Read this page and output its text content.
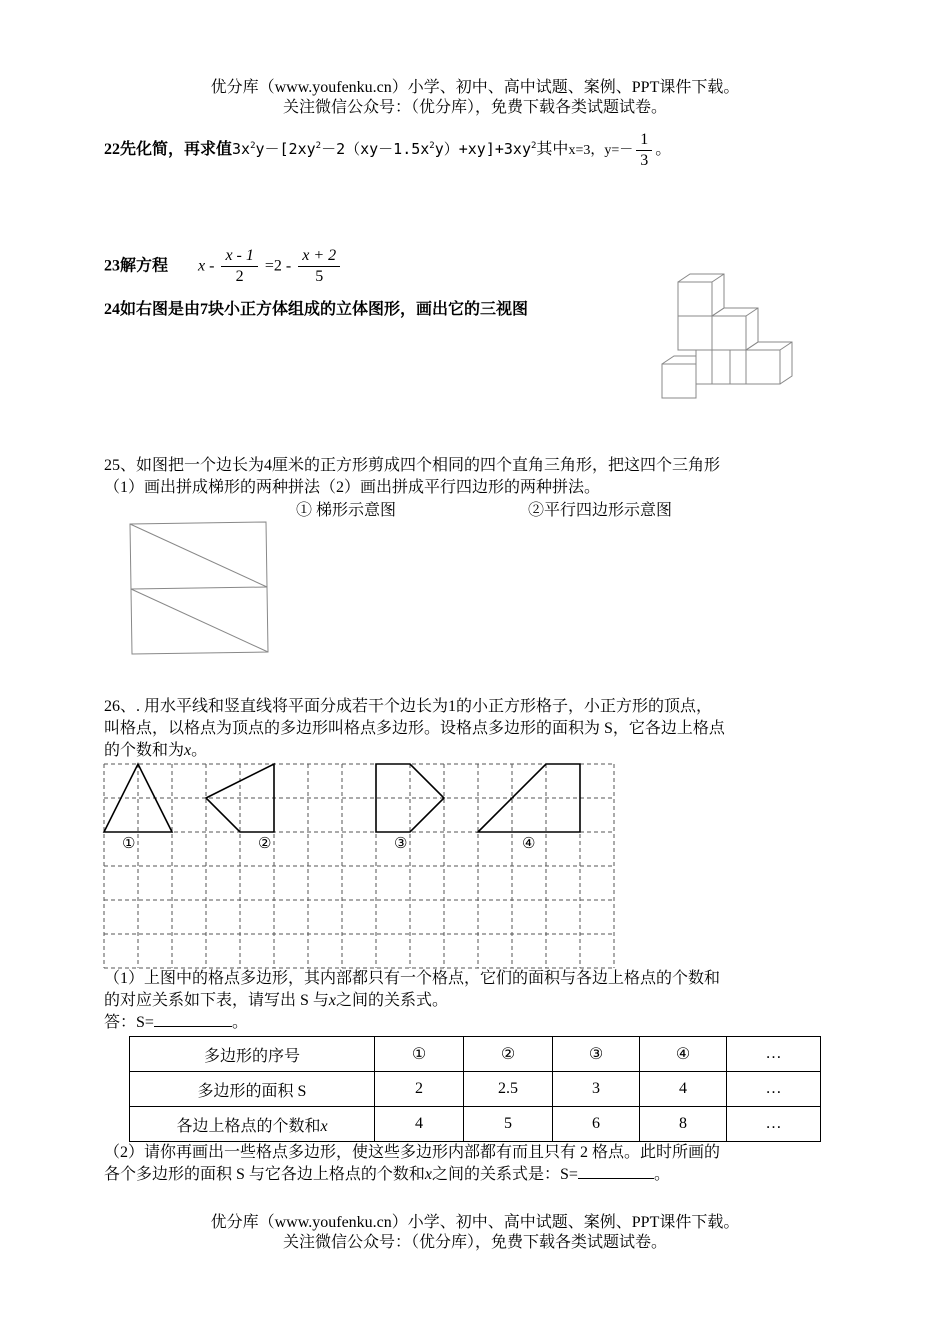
优分库（www.youfenku.cn）小学、初中、高中试题、案例、PPT课件下载。
关注微信公众号：（优分库），免费下载各类试题试卷。
22先化简，再求值$3x^2y-[2xy^2-2(xy-1.5x^2y)+xy]+3xy^2$其中x=3，$y=- \frac{1}{3}$ 。
23解方程 $x - \frac{x - 1}{2} =2 - \frac{x + 2}{5}$
24如右图是由7块小正方体组成的立体图形，画出它的三视图
25、如图把一个边长为4厘米的正方形剪成四个相同的四个直角三角形，把这四个三角形
（1）画出拼成梯形的两种拼法（2）画出拼成平行四边形的两种拼法。
① 梯形示意图	②平行四边形示意图
26、. 用水平线和竖直线将平面分成若干个边长为1的小正方形格子，小正方形的顶点，
叫格点，以格点为顶点的多边形叫格点多边形。设格点多边形的面积为 S，它各边上格点
的个数和为x。
①	②	③	④
（1）上图中的格点多边形，其内部都只有一个格点，它们的面积与各边上格点的个数和
的对应关系如下表，请写出 S 与x之间的关系式。
答：S=	。
多边形的序号	①	②	③	④	…
多边形的面积 S	2	2.5	3	4	…
各边上格点的个数和x	4	5	6	8	…
（2）请你再画出一些格点多边形，使这些多边形内部都有而且只有 2 格点。此时所画的
各个多边形的面积 S 与它各边上格点的个数和x之间的关系式是：S=	。
优分库（www.youfenku.cn）小学、初中、高中试题、案例、PPT课件下载。
关注微信公众号：（优分库），免费下载各类试题试卷。
